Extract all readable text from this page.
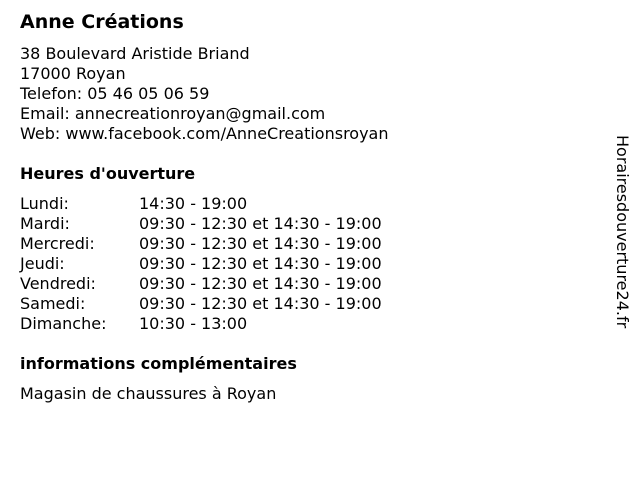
Anne Créations
38 Boulevard Aristide Briand
17000 Royan
Telefon: 05 46 05 06 59
Email: annecreationroyan@gmail.com
Web: www.facebook.com/AnneCreationsroyan
Heures d'ouverture
Lundi:	14:30 - 19:00
Mardi:	09:30 - 12:30 et 14:30 - 19:00
Mercredi:	09:30 - 12:30 et 14:30 - 19:00
Jeudi:	09:30 - 12:30 et 14:30 - 19:00
Vendredi:	09:30 - 12:30 et 14:30 - 19:00
Samedi:	09:30 - 12:30 et 14:30 - 19:00
Dimanche: 10:30 - 13:00
informations complémentaires
Magasin de chaussures à Royan
Horairesdouverture24.fr
